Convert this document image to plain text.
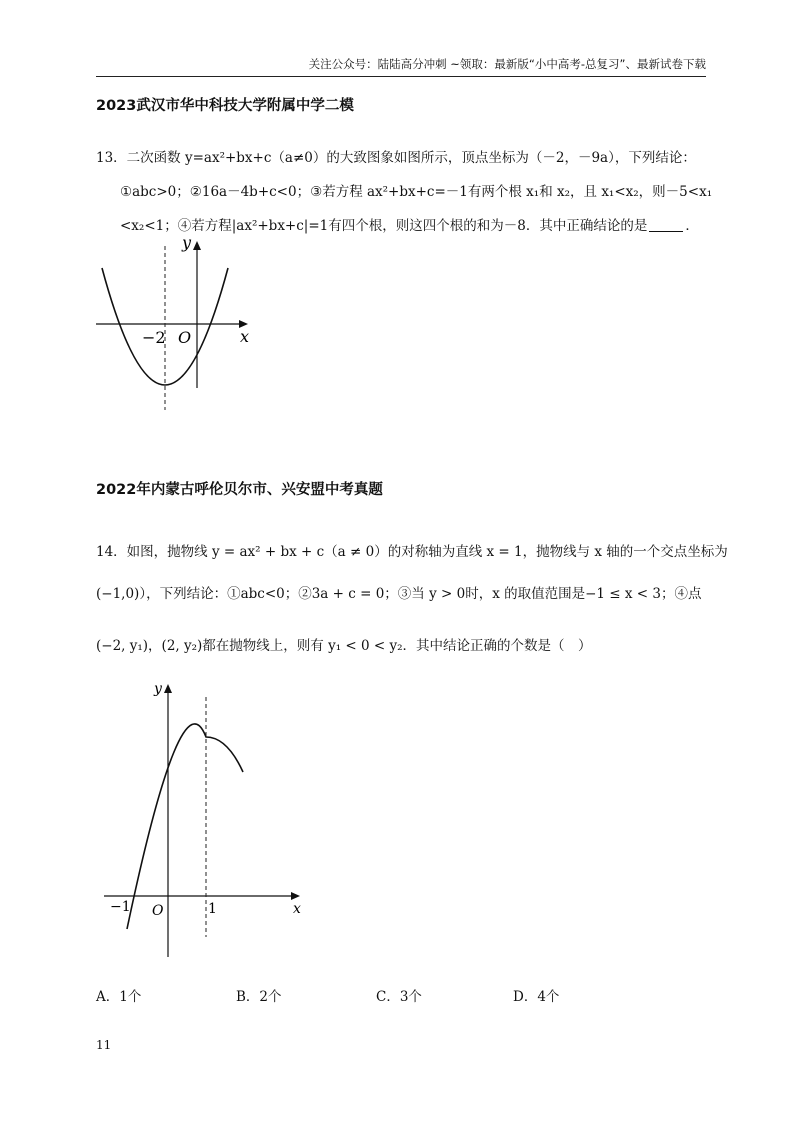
关注公众号：陆陆高分冲刺 ~领取：最新版“小中高考-总复习”、最新试卷下载
2023武汉市华中科技大学附属中学二模
13．二次函数 y=ax²+bx+c（a≠0）的大致图象如图所示，顶点坐标为（－2，－9a），下列结论：
①abc>0；②16a－4b+c<0；③若方程 ax²+bx+c=－1有两个根 x₁和 x₂，且 x₁<x₂，则－5<x₁
<x₂<1；④若方程|ax²+bx+c|=1有四个根，则这四个根的和为－8．其中正确结论的是	．
y
x
O
−2
2022年内蒙古呼伦贝尔市、兴安盟中考真题
14．如图，抛物线 y = ax² + bx + c（a ≠ 0）的对称轴为直线 x = 1，抛物线与 x 轴的一个交点坐标为
(−1,0)），下列结论：①abc<0；②3a + c = 0；③当 y > 0时，x 的取值范围是−1 ≤ x < 3；④点
(−2, y₁)，(2, y₂)都在抛物线上，则有 y₁ < 0 < y₂．其中结论正确的个数是（　）
y
x
O
−1	1
A．1个	B．2个	C．3个	D．4个
11
